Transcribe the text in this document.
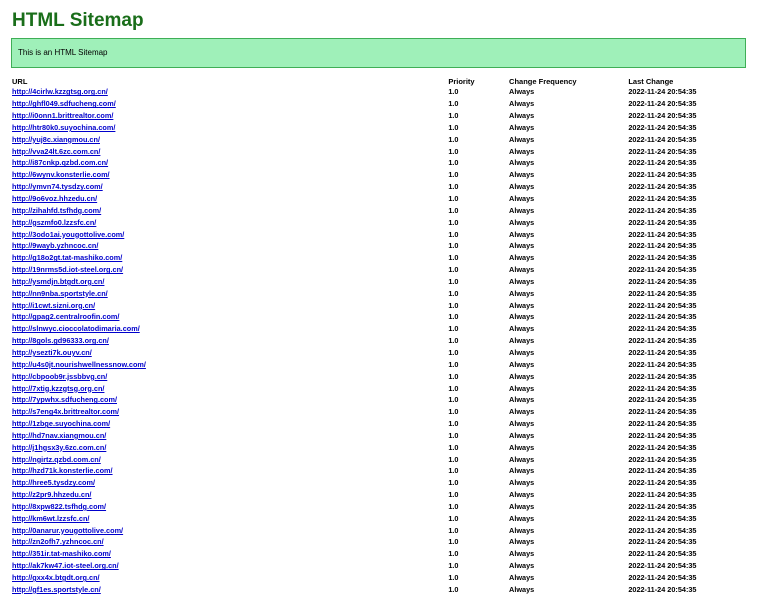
HTML Sitemap
This is an HTML Sitemap
URL	Priority	Change Frequency	Last Change
http://4cirlw.kzzgtsg.org.cn/	1.0	Always	2022-11-24 20:54:35
http://ghfl049.sdfucheng.com/	1.0	Always	2022-11-24 20:54:35
http://i0onn1.brittrealtor.com/	1.0	Always	2022-11-24 20:54:35
http://htr80k0.suyochina.com/	1.0	Always	2022-11-24 20:54:35
http://yuj8c.xiangmou.cn/	1.0	Always	2022-11-24 20:54:35
http://vva24lt.6zc.com.cn/	1.0	Always	2022-11-24 20:54:35
http://i87cnkp.qzbd.com.cn/	1.0	Always	2022-11-24 20:54:35
http://6wynv.konsterlie.com/	1.0	Always	2022-11-24 20:54:35
http://ymvn74.tysdzy.com/	1.0	Always	2022-11-24 20:54:35
http://9o6voz.hhzedu.cn/	1.0	Always	2022-11-24 20:54:35
http://zihahfd.tsfhdg.com/	1.0	Always	2022-11-24 20:54:35
http://gszmfo0.lzzsfc.cn/	1.0	Always	2022-11-24 20:54:35
http://3odo1ai.yougottolive.com/	1.0	Always	2022-11-24 20:54:35
http://9wayb.yzhncoc.cn/	1.0	Always	2022-11-24 20:54:35
http://g18o2gt.tat-mashiko.com/	1.0	Always	2022-11-24 20:54:35
http://19nrms5d.iot-steel.org.cn/	1.0	Always	2022-11-24 20:54:35
http://ysmdjn.btgdt.org.cn/	1.0	Always	2022-11-24 20:54:35
http://nn9nba.sportstyle.cn/	1.0	Always	2022-11-24 20:54:35
http://i1cwt.sizni.org.cn/	1.0	Always	2022-11-24 20:54:35
http://gpag2.centralroofin.com/	1.0	Always	2022-11-24 20:54:35
http://slnwyc.cioccolatodimaria.com/	1.0	Always	2022-11-24 20:54:35
http://8gols.gd96333.org.cn/	1.0	Always	2022-11-24 20:54:35
http://ysezti7k.ouyv.cn/	1.0	Always	2022-11-24 20:54:35
http://u4s0jt.nourishwellnessnow.com/	1.0	Always	2022-11-24 20:54:35
http://cbpoob9r.jssbbvg.cn/	1.0	Always	2022-11-24 20:54:35
http://7xtig.kzzgtsg.org.cn/	1.0	Always	2022-11-24 20:54:35
http://7ypwhx.sdfucheng.com/	1.0	Always	2022-11-24 20:54:35
http://s7eng4x.brittrealtor.com/	1.0	Always	2022-11-24 20:54:35
http://1zbge.suyochina.com/	1.0	Always	2022-11-24 20:54:35
http://hd7nav.xiangmou.cn/	1.0	Always	2022-11-24 20:54:35
http://j1hgsx3y.6zc.com.cn/	1.0	Always	2022-11-24 20:54:35
http://ngirtz.qzbd.com.cn/	1.0	Always	2022-11-24 20:54:35
http://hzd71k.konsterlie.com/	1.0	Always	2022-11-24 20:54:35
http://hree5.tysdzy.com/	1.0	Always	2022-11-24 20:54:35
http://z2pr9.hhzedu.cn/	1.0	Always	2022-11-24 20:54:35
http://8xpw822.tsfhdg.com/	1.0	Always	2022-11-24 20:54:35
http://km6wt.lzzsfc.cn/	1.0	Always	2022-11-24 20:54:35
http://0anarur.yougottolive.com/	1.0	Always	2022-11-24 20:54:35
http://zn2ofh7.yzhncoc.cn/	1.0	Always	2022-11-24 20:54:35
http://351ir.tat-mashiko.com/	1.0	Always	2022-11-24 20:54:35
http://ak7kw47.iot-steel.org.cn/	1.0	Always	2022-11-24 20:54:35
http://gxx4x.btgdt.org.cn/	1.0	Always	2022-11-24 20:54:35
http://gf1es.sportstyle.cn/	1.0	Always	2022-11-24 20:54:35
